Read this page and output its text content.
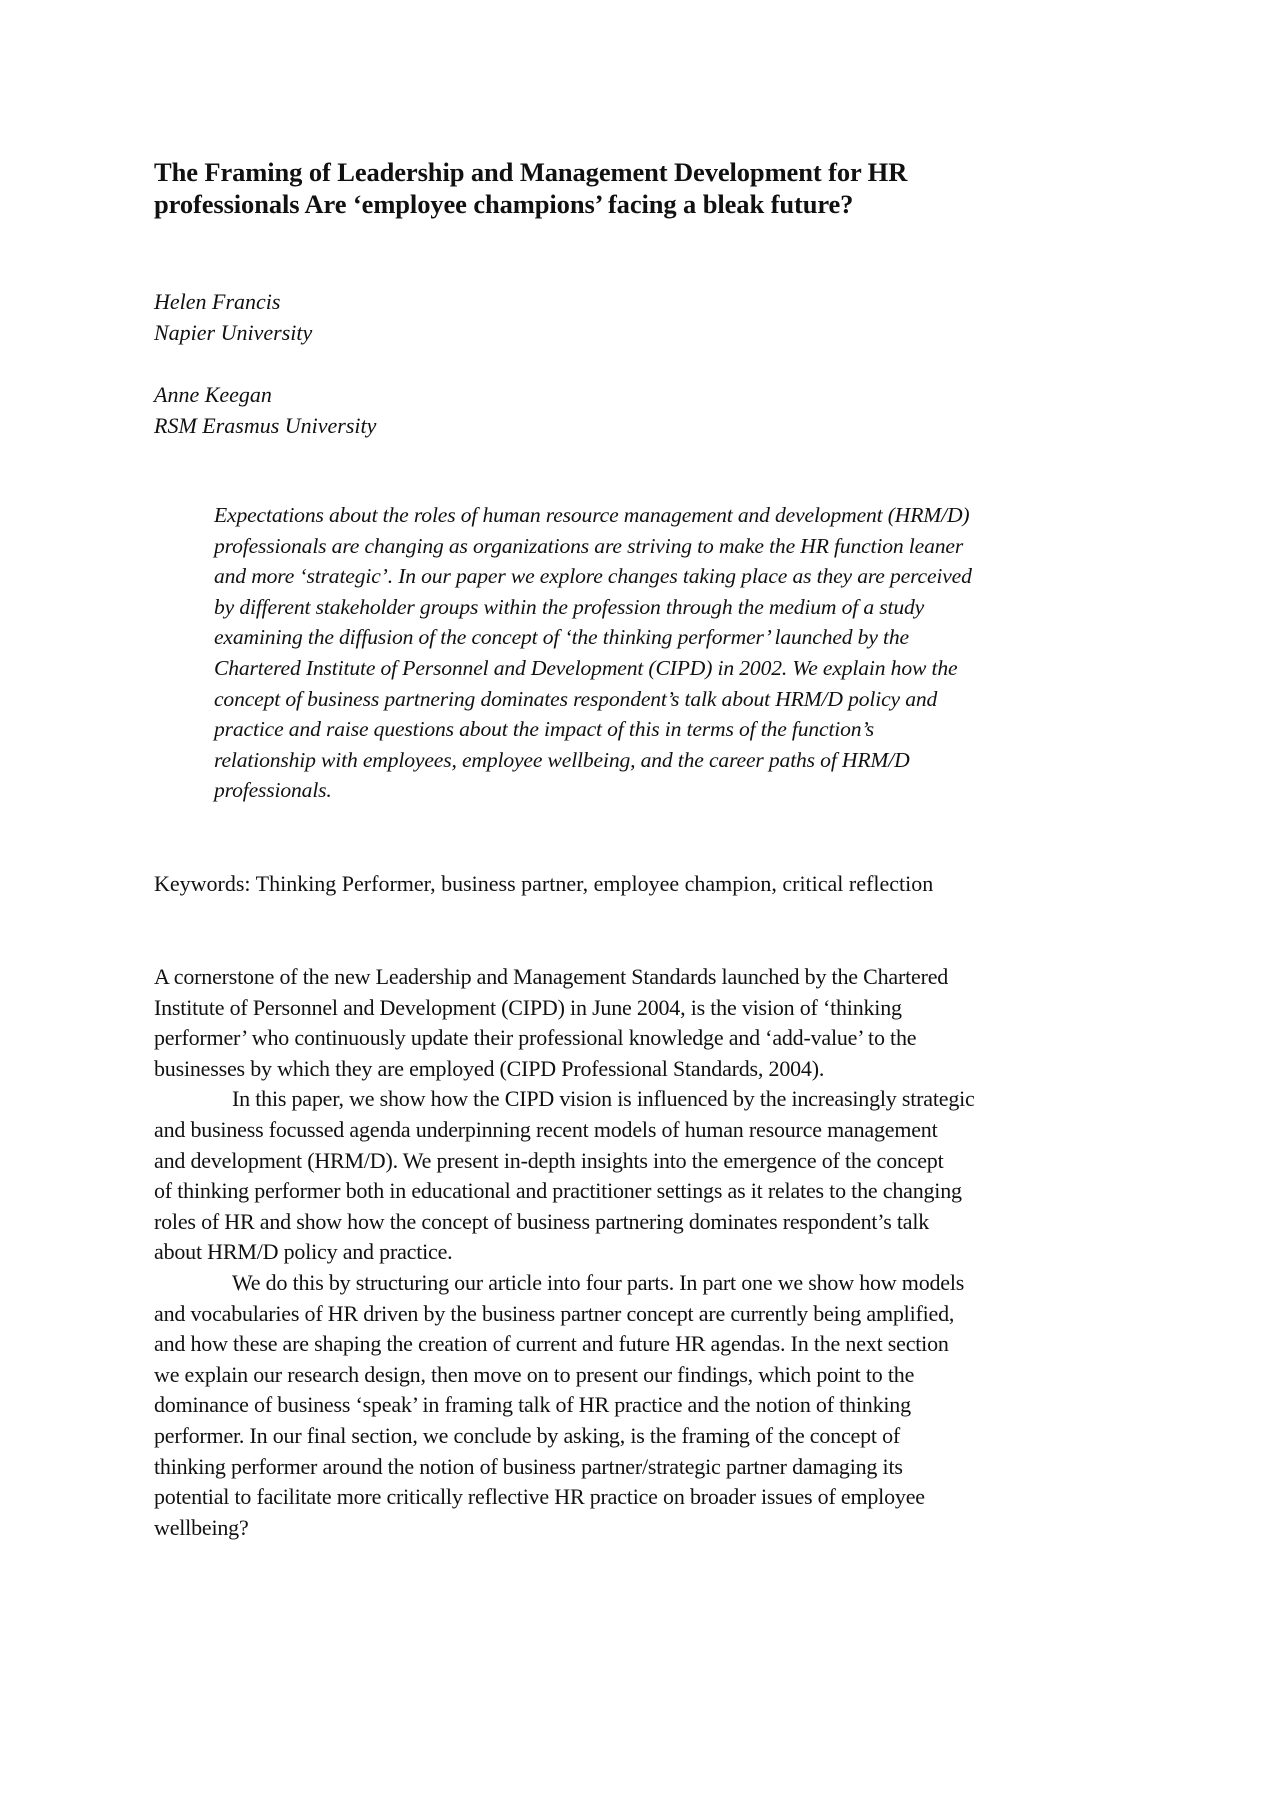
The Framing of Leadership and Management Development for HR
professionals Are ‘employee champions’ facing a bleak future?
Helen Francis
Napier University
Anne Keegan
RSM Erasmus University
Expectations about the roles of human resource management and development (HRM/D)
professionals are changing as organizations are striving to make the HR function leaner
and more ‘strategic’. In our paper we explore changes taking place as they are perceived
by different stakeholder groups within the profession through the medium of a study
examining the diffusion of the concept of ‘the thinking performer’ launched by the
Chartered Institute of Personnel and Development (CIPD) in 2002. We explain how the
concept of business partnering dominates respondent’s talk about HRM/D policy and
practice and raise questions about the impact of this in terms of the function’s
relationship with employees, employee wellbeing, and the career paths of HRM/D
professionals.
Keywords: Thinking Performer, business partner, employee champion, critical reflection
A cornerstone of the new Leadership and Management Standards launched by the Chartered
Institute of Personnel and Development (CIPD) in June 2004, is the vision of ‘thinking
performer’ who continuously update their professional knowledge and ‘add-value’ to the
businesses by which they are employed (CIPD Professional Standards, 2004).
In this paper, we show how the CIPD vision is influenced by the increasingly strategic
and business focussed agenda underpinning recent models of human resource management
and development (HRM/D). We present in-depth insights into the emergence of the concept
of thinking performer both in educational and practitioner settings as it relates to the changing
roles of HR and show how the concept of business partnering dominates respondent’s talk
about HRM/D policy and practice.
We do this by structuring our article into four parts. In part one we show how models
and vocabularies of HR driven by the business partner concept are currently being amplified,
and how these are shaping the creation of current and future HR agendas. In the next section
we explain our research design, then move on to present our findings, which point to the
dominance of business ‘speak’ in framing talk of HR practice and the notion of thinking
performer. In our final section, we conclude by asking, is the framing of the concept of
thinking performer around the notion of business partner/strategic partner damaging its
potential to facilitate more critically reflective HR practice on broader issues of employee
wellbeing?
